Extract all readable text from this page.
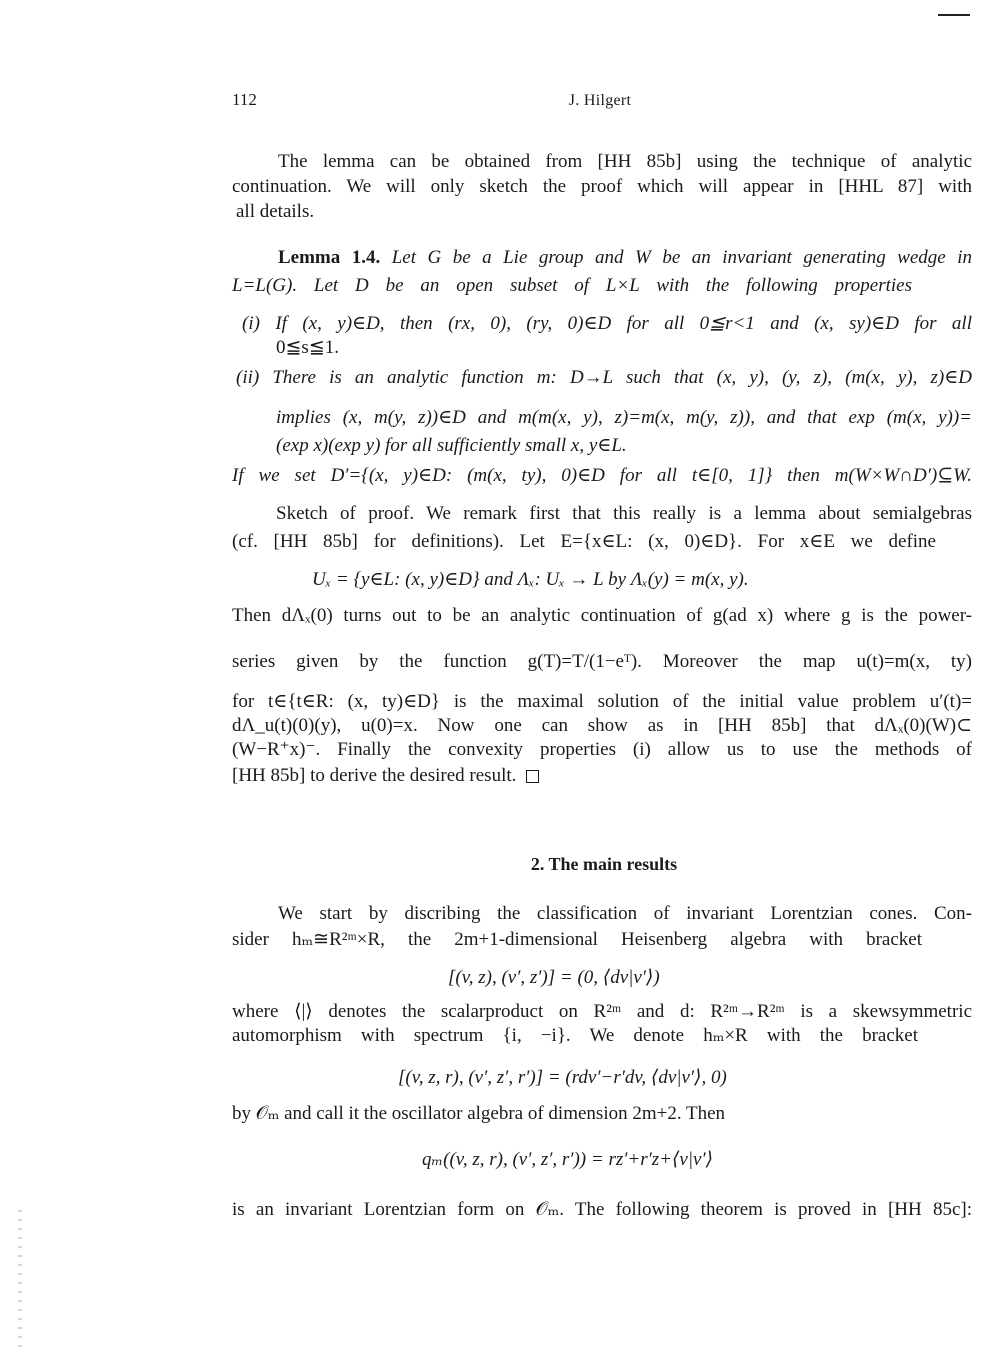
112	J. Hilgert
The lemma can be obtained from [HH 85b] using the technique of analytic
continuation. We will only sketch the proof which will appear in [HHL 87] with
all details.
Lemma 1.4. Let G be a Lie group and W be an invariant generating wedge in
L=L(G). Let D be an open subset of L×L with the following properties
(i) If (x, y)∈D, then (rx, 0), (ry, 0)∈D for all 0≦r<1 and (x, sy)∈D for all
0≦s≦1.
(ii) There is an analytic function m: D→L such that (x, y), (y, z), (m(x, y), z)∈D
implies (x, m(y, z))∈D and m(m(x, y), z)=m(x, m(y, z)), and that exp (m(x, y))=
(exp x)(exp y) for all sufficiently small x, y∈L.
If we set D′={(x, y)∈D: (m(x, ty), 0)∈D for all t∈[0, 1]} then m(W×W∩D′)⊆W.
Sketch of proof. We remark first that this really is a lemma about semialgebras
(cf. [HH 85b] for definitions). Let E={x∈L: (x, 0)∈D}. For x∈E we define
Uₓ = {y∈L: (x, y)∈D} and Λₓ: Uₓ → L by Λₓ(y) = m(x, y).
Then dΛₓ(0) turns out to be an analytic continuation of g(ad x) where g is the power-
series given by the function g(T)=T/(1−eᵀ). Moreover the map u(t)=m(x, ty)
for t∈{t∈R: (x, ty)∈D} is the maximal solution of the initial value problem u′(t)=
dΛ_u(t)(0)(y), u(0)=x. Now one can show as in [HH 85b] that dΛₓ(0)(W)⊂
(W−R⁺x)⁻. Finally the convexity properties (i) allow us to use the methods of
[HH 85b] to derive the desired result.
2. The main results
We start by discribing the classification of invariant Lorentzian cones. Con-
sider hₘ≅R²ᵐ×R, the 2m+1-dimensional Heisenberg algebra with bracket
[(v, z), (v′, z′)] = (0, ⟨dv|v′⟩)
where ⟨|⟩ denotes the scalarproduct on R²ᵐ and d: R²ᵐ→R²ᵐ is a skewsymmetric
automorphism with spectrum {i, −i}. We denote hₘ×R with the bracket
[(v, z, r), (v′, z′, r′)] = (rdv′−r′dv, ⟨dv|v′⟩, 0)
by 𝒪ₘ and call it the oscillator algebra of dimension 2m+2. Then
qₘ((v, z, r), (v′, z′, r′)) = rz′+r′z+⟨v|v′⟩
is an invariant Lorentzian form on 𝒪ₘ. The following theorem is proved in [HH 85c]:
